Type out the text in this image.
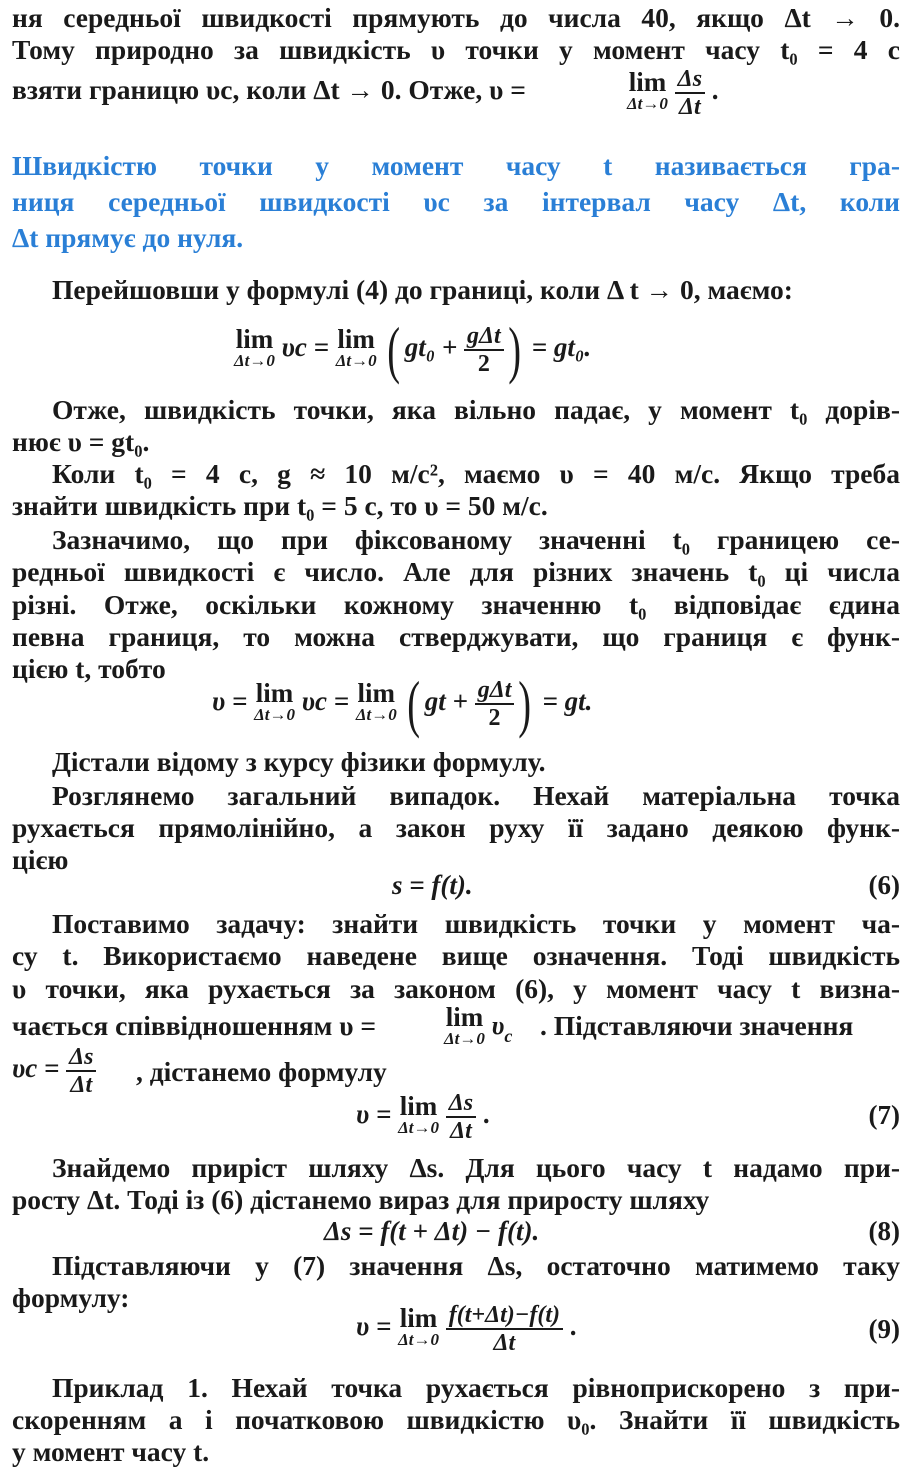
ня середньої швидкості прямують до числа 40, якщо Δt → 0.
Тому природно за швидкість υ точки у момент часу t₀ = 4 с
взяти границю υc, коли Δt → 0. Отже, υ =	lim
Δt→0
$\frac{\Delta s}{\Delta t}$ .
Швидкістю точки у момент часу t називається гра-
ниця середньої швидкості υc за інтервал часу Δt, коли
Δt прямує до нуля.
Перейшовши у формулі (4) до границі, коли Δ t → 0, маємо:
lim
Δt→0 υc = lim
Δt→0 ( $gt_0 + \frac{\text{gΔt}}{2}$ ) = gt₀.
Отже, швидкість точки, яка вільно падає, у момент t₀ дорів-
нює υ = gt₀.
Коли t₀ = 4 с, g ≈ 10 м/с², маємо υ = 40 м/с. Якщо треба
знайти швидкість при t₀ = 5 с, то υ = 50 м/с.
Зазначимо, що при фіксованому значенні t₀ границею се-
редньої швидкості є число. Але для різних значень t₀ ці числа
різні. Отже, оскільки кожному значенню t₀ відповідає єдина
певна границя, то можна стверджувати, що границя є функ-
цією t, тобто
υ = lim
Δt→0 υc = lim
Δt→0 ( gt + $\frac{\text{gΔt}}{2}$ ) = gt.
Дістали відому з курсу фізики формулу.
Розглянемо загальний випадок. Нехай матеріальна точка
рухається прямолінійно, а закон руху її задано деякою функ-
цією
s = f(t).	(6)
Поставимо задачу: знайти швидкість точки у момент ча-
су t. Використаємо наведене вище означення. Тоді швидкість
υ точки, яка рухається за законом (6), у момент часу t визна-
чається співвідношенням υ =	lim
Δt→0 $\upsilon_c$ . Підставляючи значення
$\upsilon c = \frac{\Delta s}{\Delta t}$ , дістанемо формулу
υ = lim
Δt→0
$\frac{\Delta s}{\Delta t}$ .	(7)
Знайдемо приріст шляху Δs. Для цього часу t надамо при-
росту Δt. Тоді із (6) дістанемо вираз для приросту шляху
Δs = f(t + Δt) − f(t).	(8)
Підставляючи у (7) значення Δs, остаточно матимемо таку
формулу:
υ = lim
Δt→0
$\frac{f(t+\Delta t)-f(t)}{\Delta t}$ .	(9)
Приклад 1. Нехай точка рухається рівноприскорено з при-
скоренням a і початковою швидкістю υ₀. Знайти її швидкість
у момент часу t.
